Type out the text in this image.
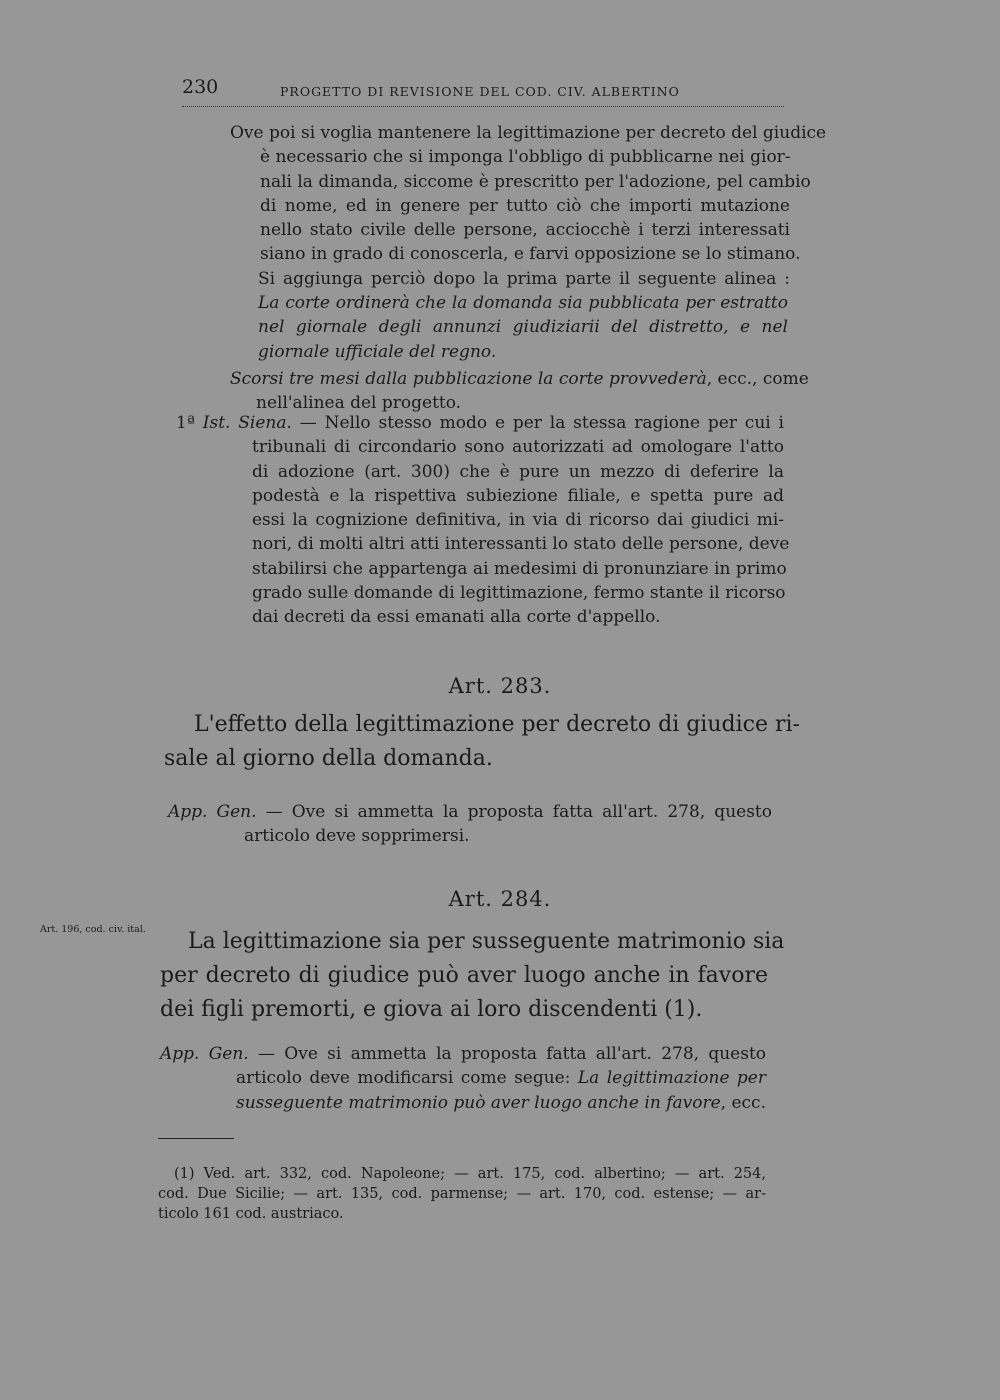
230	PROGETTO DI REVISIONE DEL COD. CIV. ALBERTINO
Ove poi si voglia mantenere la legittimazione per decreto del giudice
è necessario che si imponga l'obbligo di pubblicarne nei gior-
nali la dimanda, siccome è prescritto per l'adozione, pel cambio
di nome, ed in genere per tutto ciò che importi mutazione
nello stato civile delle persone, acciocchè i terzi interessati
siano in grado di conoscerla, e farvi opposizione se lo stimano.
Si aggiunga perciò dopo la prima parte il seguente alinea :
La corte ordinerà che la domanda sia pubblicata per estratto
nel giornale degli annunzi giudiziarii del distretto, e nel
giornale ufficiale del regno.
Scorsi tre mesi dalla pubblicazione la corte provvederà, ecc., come
nell'alinea del progetto.
1ª Ist. Siena. — Nello stesso modo e per la stessa ragione per cui i
tribunali di circondario sono autorizzati ad omologare l'atto
di adozione (art. 300) che è pure un mezzo di deferire la
podestà e la rispettiva subiezione filiale, e spetta pure ad
essi la cognizione definitiva, in via di ricorso dai giudici mi-
nori, di molti altri atti interessanti lo stato delle persone, deve
stabilirsi che appartenga ai medesimi di pronunziare in primo
grado sulle domande di legittimazione, fermo stante il ricorso
dai decreti da essi emanati alla corte d'appello.
Art. 283.
L'effetto della legittimazione per decreto di giudice ri-
sale al giorno della domanda.
App. Gen. — Ove si ammetta la proposta fatta all'art. 278, questo
articolo deve sopprimersi.
Art. 284.
Art. 196, cod. civ. ital.	La legittimazione sia per susseguente matrimonio sia
per decreto di giudice può aver luogo anche in favore
dei figli premorti, e giova ai loro discendenti (1).
App. Gen. — Ove si ammetta la proposta fatta all'art. 278, questo
articolo deve modificarsi come segue: La legittimazione per
susseguente matrimonio può aver luogo anche in favore, ecc.
(1) Ved. art. 332, cod. Napoleone; — art. 175, cod. albertino; — art. 254,
cod. Due Sicilie; — art. 135, cod. parmense; — art. 170, cod. estense; — ar-
ticolo 161 cod. austriaco.
